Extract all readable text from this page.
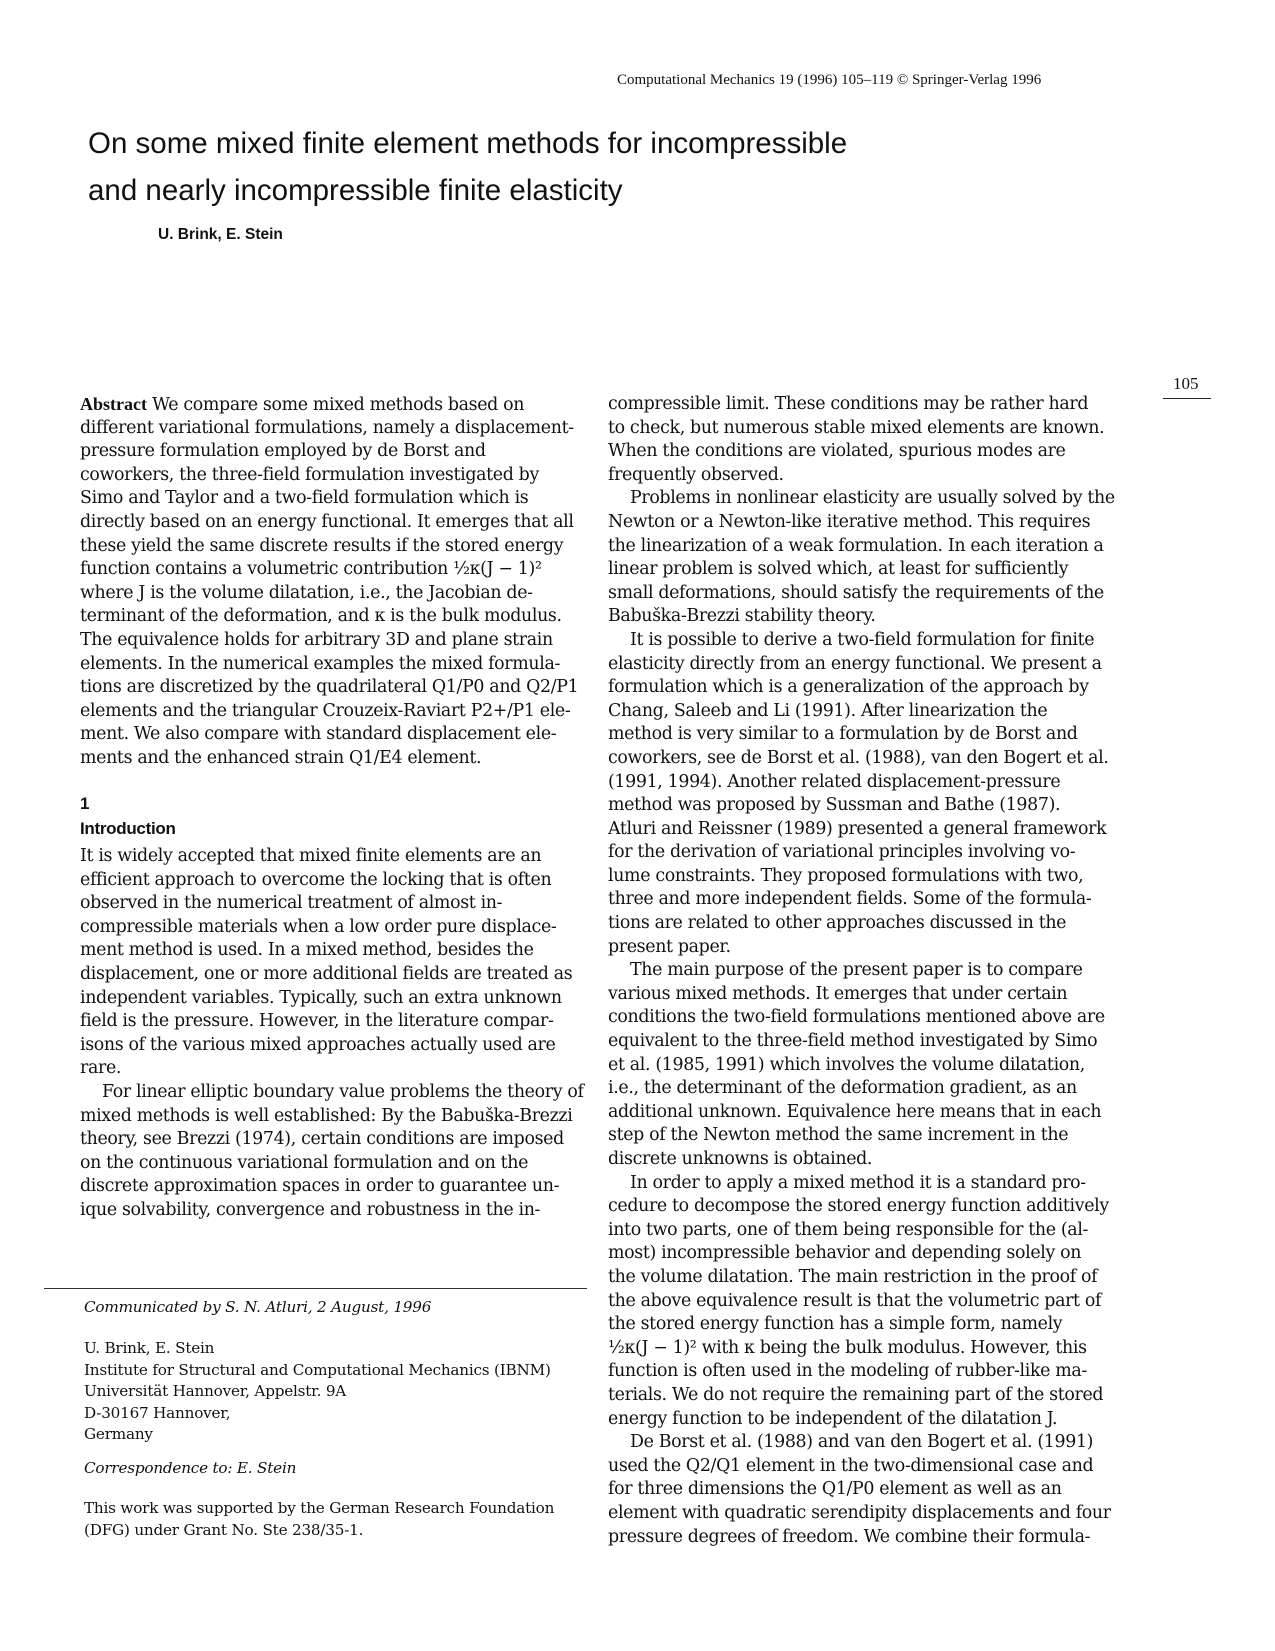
Computational Mechanics 19 (1996) 105–119 © Springer-Verlag 1996
On some mixed finite element methods for incompressible
and nearly incompressible finite elasticity
U. Brink, E. Stein
105
Abstract We compare some mixed methods based on
different variational formulations, namely a displacement-
pressure formulation employed by de Borst and
coworkers, the three-field formulation investigated by
Simo and Taylor and a two-field formulation which is
directly based on an energy functional. It emerges that all
these yield the same discrete results if the stored energy
function contains a volumetric contribution ½κ(J − 1)²
where J is the volume dilatation, i.e., the Jacobian de-
terminant of the deformation, and κ is the bulk modulus.
The equivalence holds for arbitrary 3D and plane strain
elements. In the numerical examples the mixed formula-
tions are discretized by the quadrilateral Q1/P0 and Q2/P1
elements and the triangular Crouzeix-Raviart P2+/P1 ele-
ment. We also compare with standard displacement ele-
ments and the enhanced strain Q1/E4 element.
1
Introduction
It is widely accepted that mixed finite elements are an
efficient approach to overcome the locking that is often
observed in the numerical treatment of almost in-
compressible materials when a low order pure displace-
ment method is used. In a mixed method, besides the
displacement, one or more additional fields are treated as
independent variables. Typically, such an extra unknown
field is the pressure. However, in the literature compar-
isons of the various mixed approaches actually used are
rare.
For linear elliptic boundary value problems the theory of
mixed methods is well established: By the Babuška-Brezzi
theory, see Brezzi (1974), certain conditions are imposed
on the continuous variational formulation and on the
discrete approximation spaces in order to guarantee un-
ique solvability, convergence and robustness in the in-
compressible limit. These conditions may be rather hard
to check, but numerous stable mixed elements are known.
When the conditions are violated, spurious modes are
frequently observed.
Problems in nonlinear elasticity are usually solved by the
Newton or a Newton-like iterative method. This requires
the linearization of a weak formulation. In each iteration a
linear problem is solved which, at least for sufficiently
small deformations, should satisfy the requirements of the
Babuška-Brezzi stability theory.
It is possible to derive a two-field formulation for finite
elasticity directly from an energy functional. We present a
formulation which is a generalization of the approach by
Chang, Saleeb and Li (1991). After linearization the
method is very similar to a formulation by de Borst and
coworkers, see de Borst et al. (1988), van den Bogert et al.
(1991, 1994). Another related displacement-pressure
method was proposed by Sussman and Bathe (1987).
Atluri and Reissner (1989) presented a general framework
for the derivation of variational principles involving vo-
lume constraints. They proposed formulations with two,
three and more independent fields. Some of the formula-
tions are related to other approaches discussed in the
present paper.
The main purpose of the present paper is to compare
various mixed methods. It emerges that under certain
conditions the two-field formulations mentioned above are
equivalent to the three-field method investigated by Simo
et al. (1985, 1991) which involves the volume dilatation,
i.e., the determinant of the deformation gradient, as an
additional unknown. Equivalence here means that in each
step of the Newton method the same increment in the
discrete unknowns is obtained.
In order to apply a mixed method it is a standard pro-
cedure to decompose the stored energy function additively
into two parts, one of them being responsible for the (al-
most) incompressible behavior and depending solely on
the volume dilatation. The main restriction in the proof of
the above equivalence result is that the volumetric part of
the stored energy function has a simple form, namely
½κ(J − 1)² with κ being the bulk modulus. However, this
function is often used in the modeling of rubber-like ma-
terials. We do not require the remaining part of the stored
energy function to be independent of the dilatation J.
De Borst et al. (1988) and van den Bogert et al. (1991)
used the Q2/Q1 element in the two-dimensional case and
for three dimensions the Q1/P0 element as well as an
element with quadratic serendipity displacements and four
pressure degrees of freedom. We combine their formula-
Communicated by S. N. Atluri, 2 August, 1996
U. Brink, E. Stein
Institute for Structural and Computational Mechanics (IBNM)
Universität Hannover, Appelstr. 9A
D-30167 Hannover,
Germany
Correspondence to: E. Stein
This work was supported by the German Research Foundation
(DFG) under Grant No. Ste 238/35-1.
